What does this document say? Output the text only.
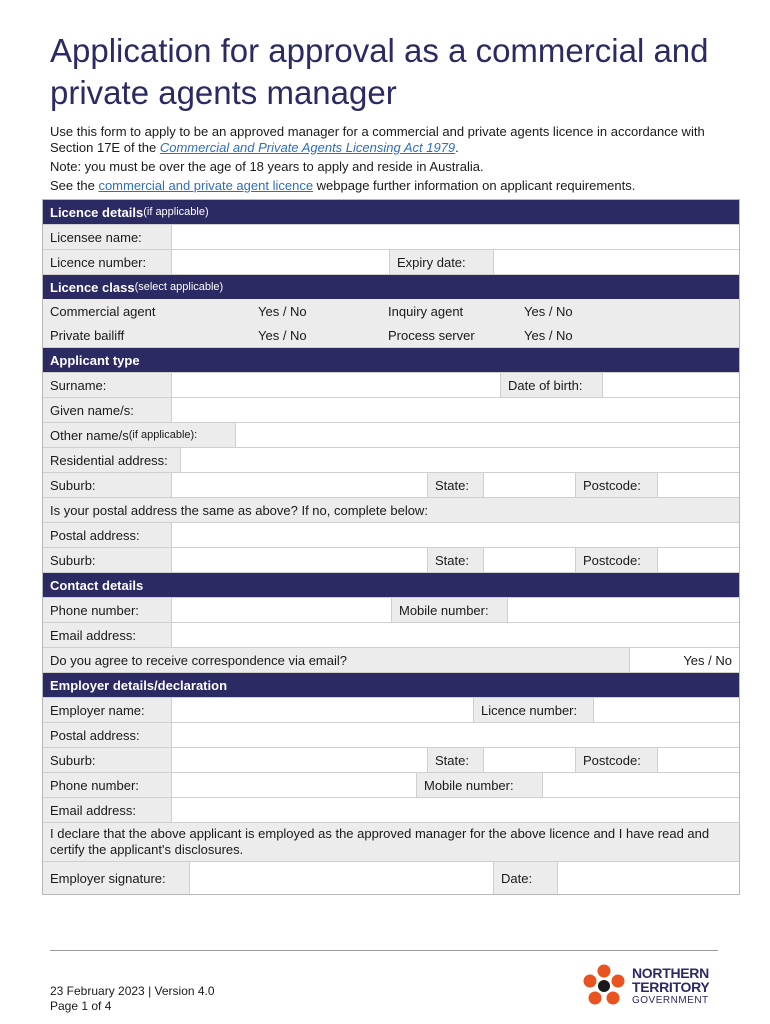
Application for approval as a commercial and private agents manager

Use this form to apply to be an approved manager for a commercial and private agents licence in accordance with Section 17E of the Commercial and Private Agents Licensing Act 1979.

Note: you must be over the age of 18 years to apply and reside in Australia.

See the commercial and private agent licence webpage further information on applicant requirements.

Licence details (if applicable)
Licensee name:
Licence number:	Expiry date:
Licence class (select applicable)
Commercial agent	Yes / No	Inquiry agent	Yes / No
Private bailiff	Yes / No	Process server	Yes / No
Applicant type
Surname:	Date of birth:
Given name/s:
Other name/s (if applicable):
Residential address:
Suburb:	State:	Postcode:
Is your postal address the same as above? If no, complete below:
Postal address:
Suburb:	State:	Postcode:
Contact details
Phone number:	Mobile number:
Email address:
Do you agree to receive correspondence via email?	Yes / No
Employer details/declaration
Employer name:	Licence number:
Postal address:
Suburb:	State:	Postcode:
Phone number:	Mobile number:
Email address:
I declare that the above applicant is employed as the approved manager for the above licence and I have read and certify the applicant's disclosures.
Employer signature:	Date:
23 February 2023 | Version 4.0
Page 1 of 4
NORTHERN
TERRITORY
GOVERNMENT
